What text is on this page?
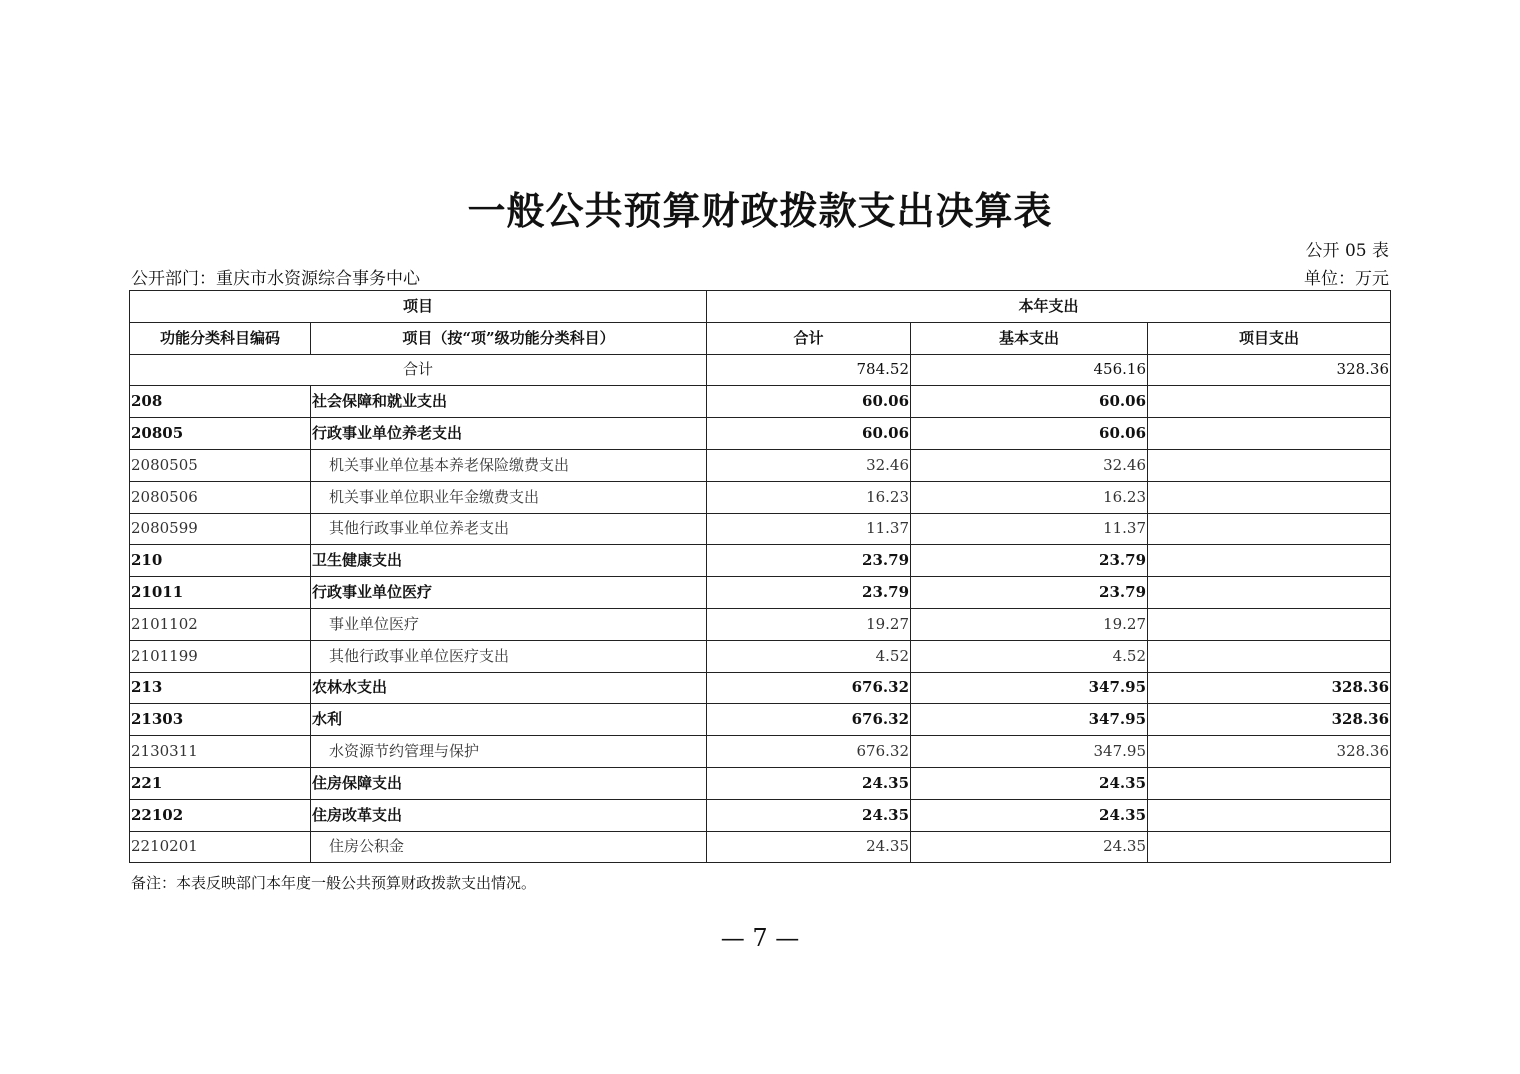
一般公共预算财政拨款支出决算表
公开 05 表
公开部门：重庆市水资源综合事务中心	单位：万元
项目		本年支出		
功能分类科目编码	项目（按“项”级功能分类科目）	合计	基本支出	项目支出
合计		784.52	456.16	328.36
208	社会保障和就业支出	60.06	60.06	
20805	行政事业单位养老支出	60.06	60.06	
2080505	机关事业单位基本养老保险缴费支出	32.46	32.46	
2080506	机关事业单位职业年金缴费支出	16.23	16.23	
2080599	其他行政事业单位养老支出	11.37	11.37	
210	卫生健康支出	23.79	23.79	
21011	行政事业单位医疗	23.79	23.79	
2101102	事业单位医疗	19.27	19.27	
2101199	其他行政事业单位医疗支出	4.52	4.52	
213	农林水支出	676.32	347.95	328.36
21303	水利	676.32	347.95	328.36
2130311	水资源节约管理与保护	676.32	347.95	328.36
221	住房保障支出	24.35	24.35	
22102	住房改革支出	24.35	24.35	
2210201	住房公积金	24.35	24.35	
备注：本表反映部门本年度一般公共预算财政拨款支出情况。
— 7 —
